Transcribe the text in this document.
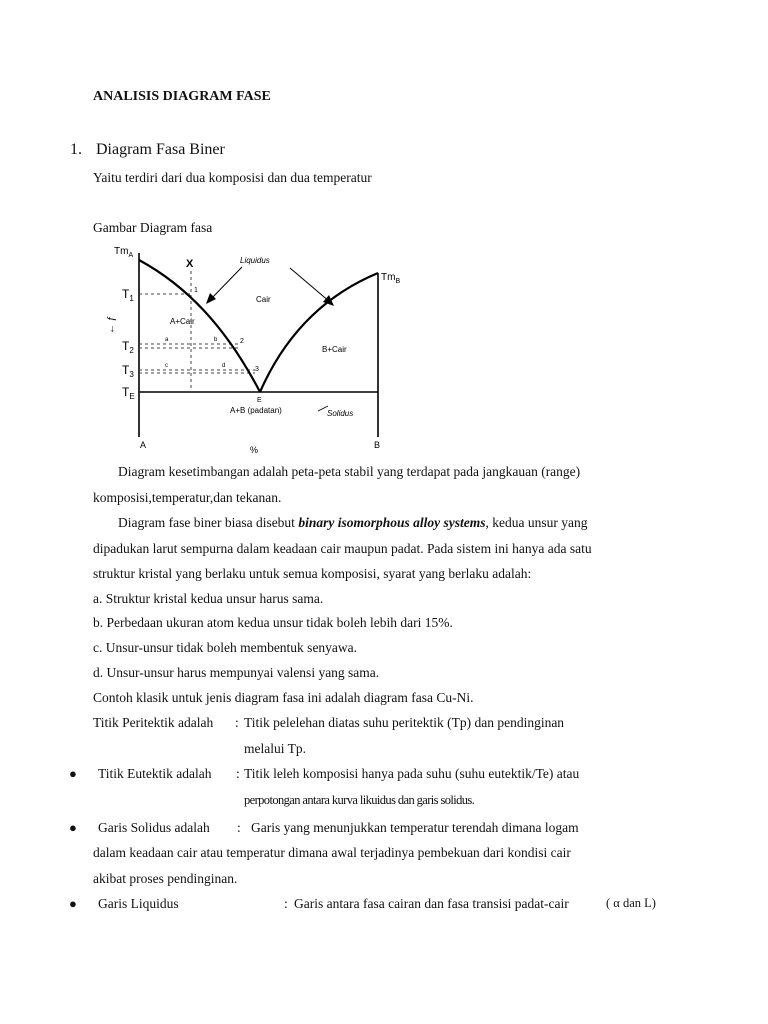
ANALISIS DIAGRAM FASE
1. Diagram Fasa Biner
Yaitu terdiri dari dua komposisi dan dua temperatur
Gambar Diagram fasa
$Tm_A$
$Tm_B$
X
$T_1$
$T_2$
$T_3$
$T_E$
← ƒ
Liquidus
Cair
A+Cair
B+Cair
A+B (padatan)	Solidus
1
2
3
a	b
c	d
E
A	B
%
Diagram kesetimbangan adalah peta-peta stabil yang terdapat pada jangkauan (range)
komposisi,temperatur,dan tekanan.
Diagram fase biner biasa disebut binary isomorphous alloy systems, kedua unsur yang
dipadukan larut sempurna dalam keadaan cair maupun padat. Pada sistem ini hanya ada satu
struktur kristal yang berlaku untuk semua komposisi, syarat yang berlaku adalah:
a. Struktur kristal kedua unsur harus sama.
b. Perbedaan ukuran atom kedua unsur tidak boleh lebih dari 15%.
c. Unsur-unsur tidak boleh membentuk senyawa.
d. Unsur-unsur harus mempunyai valensi yang sama.
Contoh klasik untuk jenis diagram fasa ini adalah diagram fasa Cu-Ni.
Titik Peritektik adalah : Titik pelelehan diatas suhu peritektik (Tp) dan pendinginan
melalui Tp.
● Titik Eutektik adalah : Titik leleh komposisi hanya pada suhu (suhu eutektik/Te) atau
perpotongan antara kurva likuidus dan garis solidus.
● Garis Solidus adalah : Garis yang menunjukkan temperatur terendah dimana logam
dalam keadaan cair atau temperatur dimana awal terjadinya pembekuan dari kondisi cair
akibat proses pendinginan.
● Garis Liquidus	: Garis antara fasa cairan dan fasa transisi padat-cair	( α dan L)
